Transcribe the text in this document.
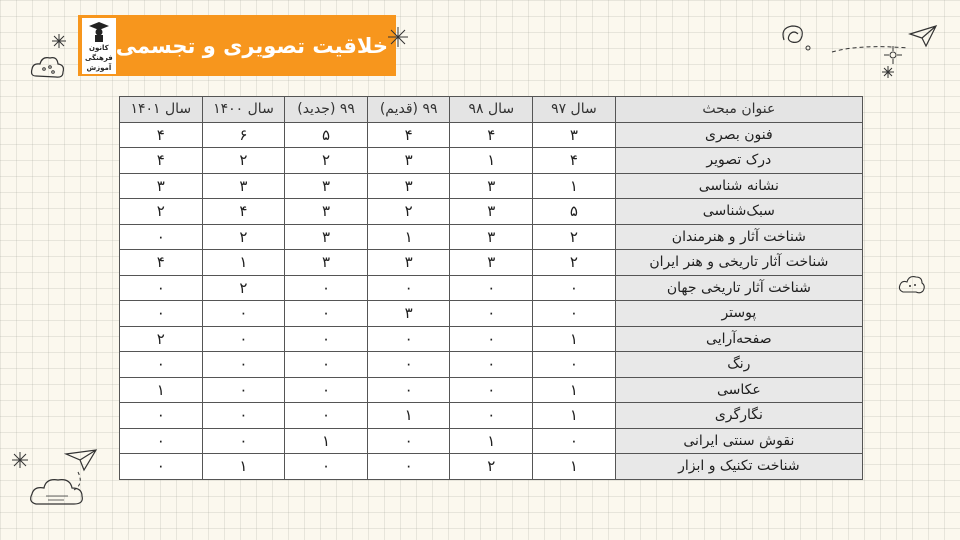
کانون
فرهنگی
آموزش
خلاقیت تصویری و تجسمی
عنوان مبحث	سال ۹۷	سال ۹۸	۹۹ (قدیم)	۹۹ (جدید)	سال ۱۴۰۰	سال ۱۴۰۱
فنون بصری	۳	۴	۴	۵	۶	۴
درک تصویر	۴	۱	۳	۲	۲	۴
نشانه شناسی	۱	۳	۳	۳	۳	۳
سبک‌شناسی	۵	۳	۲	۳	۴	۲
شناخت آثار و هنرمندان	۲	۳	۱	۳	۲	۰
شناخت آثار تاریخی و هنر ایران	۲	۳	۳	۳	۱	۴
شناخت آثار تاریخی جهان	۰	۰	۰	۰	۲	۰
پوستر	۰	۰	۳	۰	۰	۰
صفحه‌آرایی	۱	۰	۰	۰	۰	۲
رنگ	۰	۰	۰	۰	۰	۰
عکاسی	۱	۰	۰	۰	۰	۱
نگارگری	۱	۰	۱	۰	۰	۰
نقوش سنتی ایرانی	۰	۱	۰	۱	۰	۰
شناخت تکنیک و ابزار	۱	۲	۰	۰	۱	۰
